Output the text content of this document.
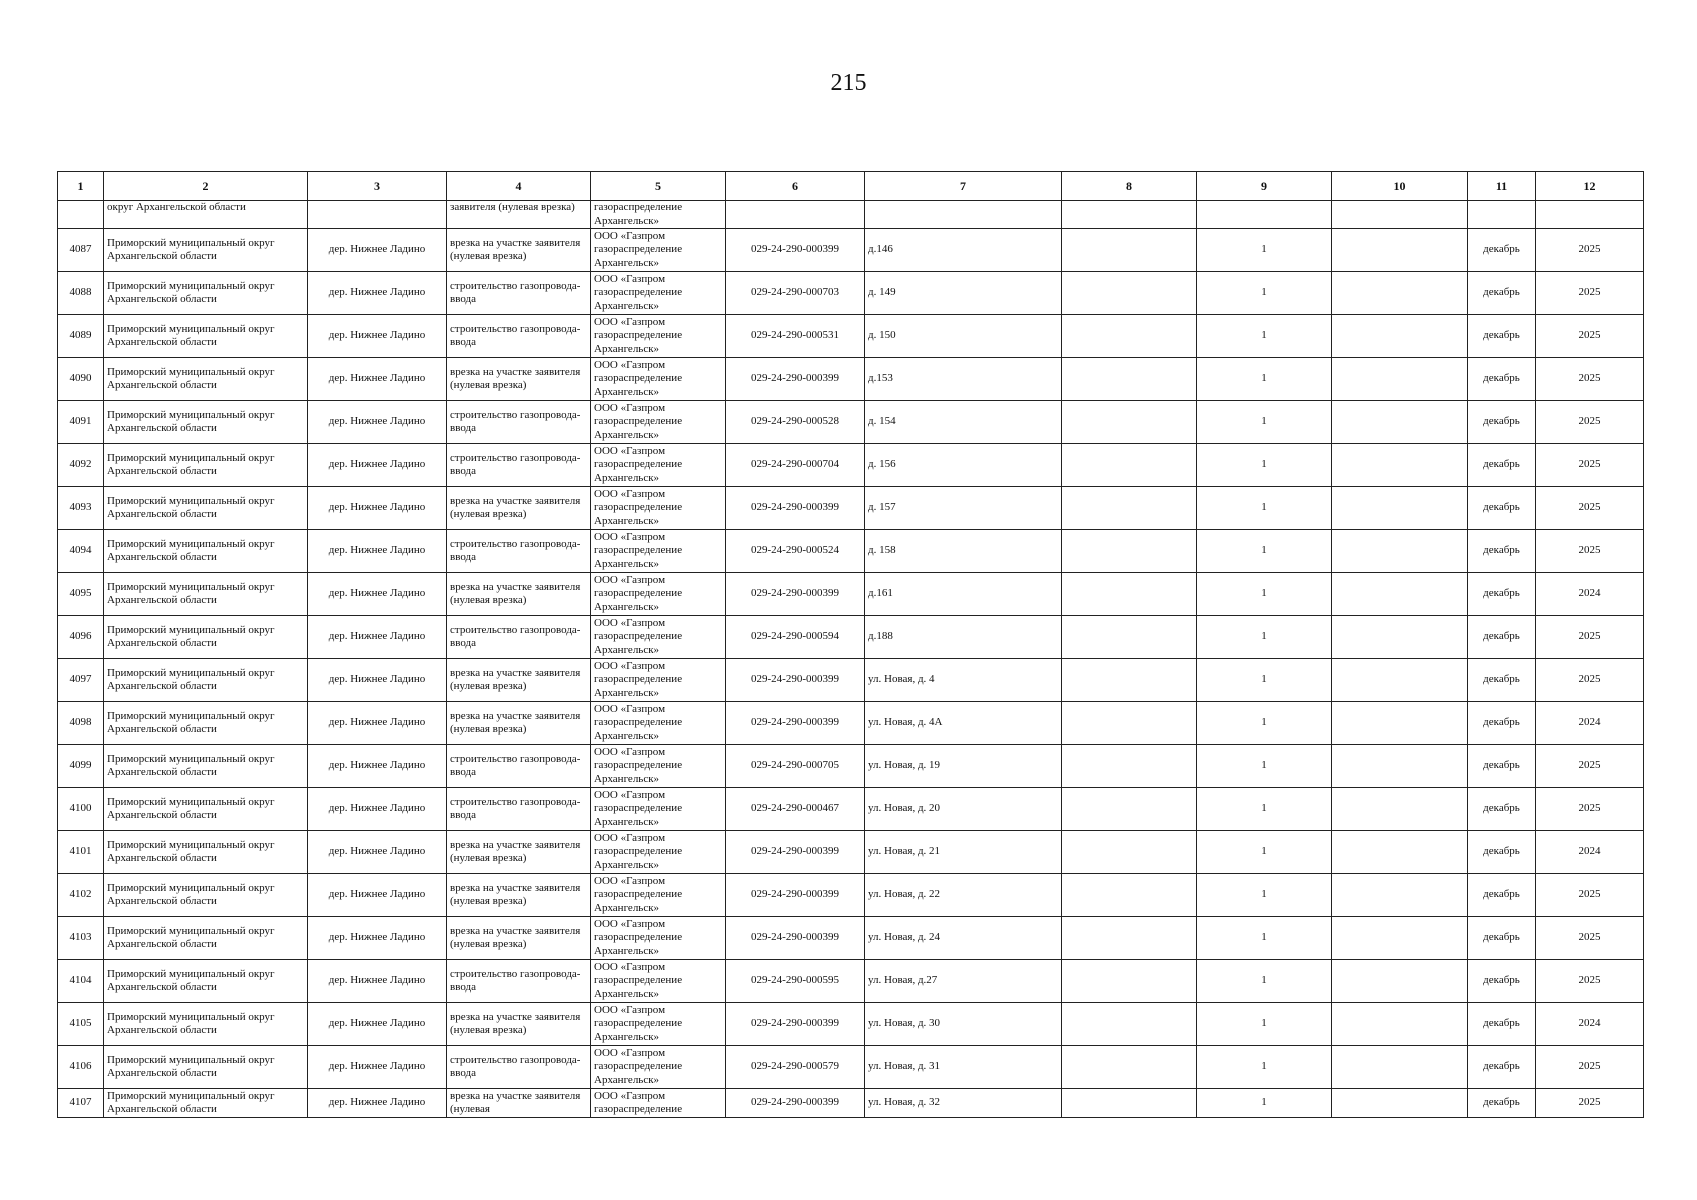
215
1	2	3	4	5	6	7	8	9	10	11	12

	округ Архангельской области		заявителя (нулевая врезка)	газораспределение Архангельск»							

4087	Приморский муниципальный округ Архангельской области	дер. Нижнее Ладино	врезка на участке заявителя (нулевая врезка)	ООО «Газпром газораспределение Архангельск»	029-24-290-000399	д.146		1		декабрь	2025

4088	Приморский муниципальный округ Архангельской области	дер. Нижнее Ладино	строительство газопровода-ввода	ООО «Газпром газораспределение Архангельск»	029-24-290-000703	д. 149		1		декабрь	2025

4089	Приморский муниципальный округ Архангельской области	дер. Нижнее Ладино	строительство газопровода-ввода	ООО «Газпром газораспределение Архангельск»	029-24-290-000531	д. 150		1		декабрь	2025

4090	Приморский муниципальный округ Архангельской области	дер. Нижнее Ладино	врезка на участке заявителя (нулевая врезка)	ООО «Газпром газораспределение Архангельск»	029-24-290-000399	д.153		1		декабрь	2025

4091	Приморский муниципальный округ Архангельской области	дер. Нижнее Ладино	строительство газопровода-ввода	ООО «Газпром газораспределение Архангельск»	029-24-290-000528	д. 154		1		декабрь	2025

4092	Приморский муниципальный округ Архангельской области	дер. Нижнее Ладино	строительство газопровода-ввода	ООО «Газпром газораспределение Архангельск»	029-24-290-000704	д. 156		1		декабрь	2025

4093	Приморский муниципальный округ Архангельской области	дер. Нижнее Ладино	врезка на участке заявителя (нулевая врезка)	ООО «Газпром газораспределение Архангельск»	029-24-290-000399	д. 157		1		декабрь	2025

4094	Приморский муниципальный округ Архангельской области	дер. Нижнее Ладино	строительство газопровода-ввода	ООО «Газпром газораспределение Архангельск»	029-24-290-000524	д. 158		1		декабрь	2025

4095	Приморский муниципальный округ Архангельской области	дер. Нижнее Ладино	врезка на участке заявителя (нулевая врезка)	ООО «Газпром газораспределение Архангельск»	029-24-290-000399	д.161		1		декабрь	2024

4096	Приморский муниципальный округ Архангельской области	дер. Нижнее Ладино	строительство газопровода-ввода	ООО «Газпром газораспределение Архангельск»	029-24-290-000594	д.188		1		декабрь	2025

4097	Приморский муниципальный округ Архангельской области	дер. Нижнее Ладино	врезка на участке заявителя (нулевая врезка)	ООО «Газпром газораспределение Архангельск»	029-24-290-000399	ул. Новая, д. 4		1		декабрь	2025

4098	Приморский муниципальный округ Архангельской области	дер. Нижнее Ладино	врезка на участке заявителя (нулевая врезка)	ООО «Газпром газораспределение Архангельск»	029-24-290-000399	ул. Новая, д. 4А		1		декабрь	2024

4099	Приморский муниципальный округ Архангельской области	дер. Нижнее Ладино	строительство газопровода-ввода	ООО «Газпром газораспределение Архангельск»	029-24-290-000705	ул. Новая, д. 19		1		декабрь	2025

4100	Приморский муниципальный округ Архангельской области	дер. Нижнее Ладино	строительство газопровода-ввода	ООО «Газпром газораспределение Архангельск»	029-24-290-000467	ул. Новая, д. 20		1		декабрь	2025

4101	Приморский муниципальный округ Архангельской области	дер. Нижнее Ладино	врезка на участке заявителя (нулевая врезка)	ООО «Газпром газораспределение Архангельск»	029-24-290-000399	ул. Новая, д. 21		1		декабрь	2024

4102	Приморский муниципальный округ Архангельской области	дер. Нижнее Ладино	врезка на участке заявителя (нулевая врезка)	ООО «Газпром газораспределение Архангельск»	029-24-290-000399	ул. Новая, д. 22		1		декабрь	2025

4103	Приморский муниципальный округ Архангельской области	дер. Нижнее Ладино	врезка на участке заявителя (нулевая врезка)	ООО «Газпром газораспределение Архангельск»	029-24-290-000399	ул. Новая, д. 24		1		декабрь	2025

4104	Приморский муниципальный округ Архангельской области	дер. Нижнее Ладино	строительство газопровода-ввода	ООО «Газпром газораспределение Архангельск»	029-24-290-000595	ул. Новая, д.27		1		декабрь	2025

4105	Приморский муниципальный округ Архангельской области	дер. Нижнее Ладино	врезка на участке заявителя (нулевая врезка)	ООО «Газпром газораспределение Архангельск»	029-24-290-000399	ул. Новая, д. 30		1		декабрь	2024

4106	Приморский муниципальный округ Архангельской области	дер. Нижнее Ладино	строительство газопровода-ввода	ООО «Газпром газораспределение Архангельск»	029-24-290-000579	ул. Новая, д. 31		1		декабрь	2025

4107	Приморский муниципальный округ Архангельской области	дер. Нижнее Ладино	врезка на участке заявителя (нулевая	ООО «Газпром газораспределение	029-24-290-000399	ул. Новая, д. 32		1		декабрь	2025
